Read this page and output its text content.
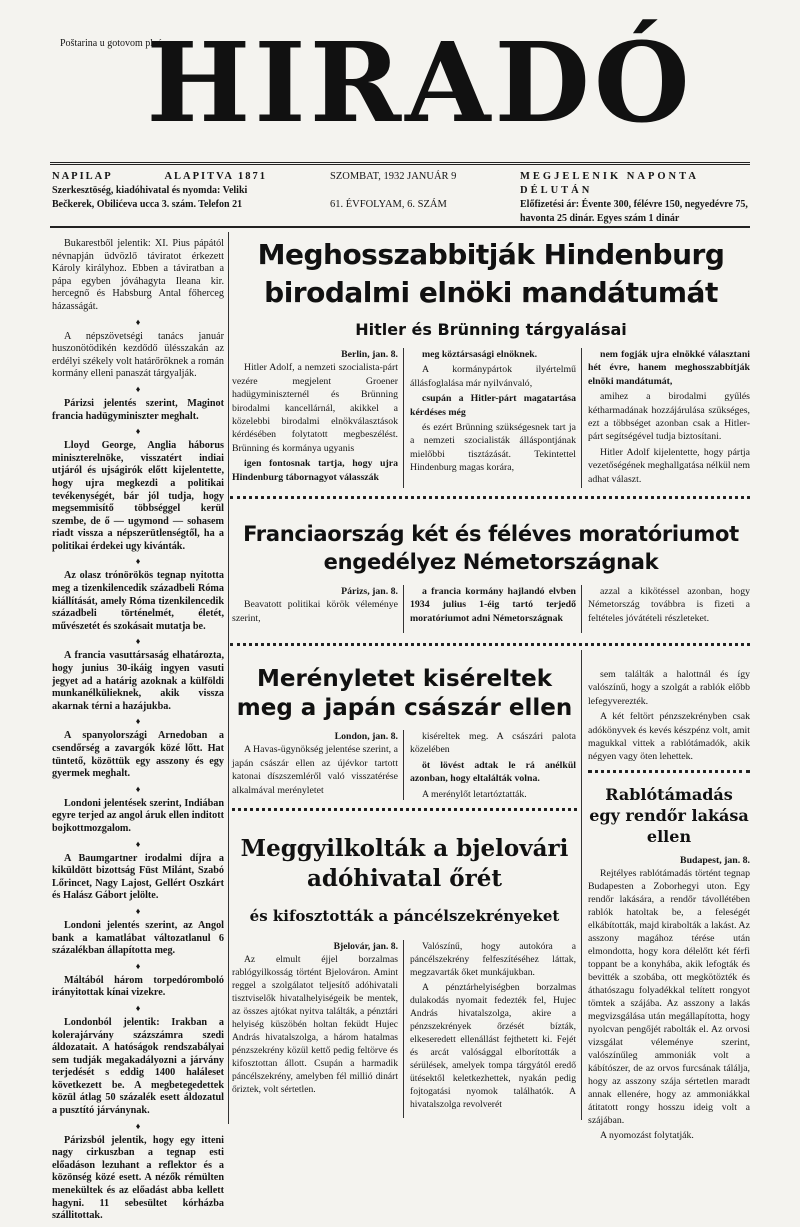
Poštarina u gotovom plaćena.
HIRADÓ
NAPILAP	ALAPITVA 1871
Szerkesztöség, kiadóhivatal és nyomda: Veliki Bečkerek, Obilićeva ucca 3. szám. Telefon 21
SZOMBAT, 1932 JANUÁR 9
61. ÉVFOLYAM, 6. SZÁM
MEGJELENIK NAPONTA DÉLUTÁN
Előfizetési ár: Évente 300, félévre 150, negyedévre 75, havonta 25 dinár. Egyes szám 1 dinár

Bukarestből jelentik: XI. Pius pápától névnapján üdvözlő táviratot érkezett Károly királyhoz. Ebben a táviratban a pápa egyben jóváhagyta Ileana kir. hercegnő és Habsburg Antal főherceg házasságát.

♦

A népszövetségi tanács január huszonötödikén kezdődő ülésszakán az erdélyi székely volt határőröknek a román kormány elleni panaszát tárgyalják.

♦

Párizsi jelentés szerint, Maginot francia hadügyminiszter meghalt.

♦

Lloyd George, Anglia háborus miniszterelnöke, visszatért indiai utjáról és ujságirók előtt kijelentette, hogy ujra megkezdi a politikai tevékenységét, bár jól tudja, hogy megsemmisítő többséggel kerül szembe, de ő — ugymond — sohasem riadt vissza a népszerütlenségtől, ha a politikai érdekei ugy kivánták.

♦

Az olasz trónörökös tegnap nyitotta meg a tizenkilencedik századbeli Róma kiállítását, amely Róma tizenkilencedik századbeli történelmét, életét, művészetét és szokásait mutatja be.

♦

A francia vasuttársaság elhatározta, hogy junius 30-ikáig ingyen vasuti jegyet ad a határig azoknak a külföldi munkanélkülieknek, akik vissza akarnak térni a hazájukba.

♦

A spanyolországi Arnedoban a csendőrség a zavargók közé lőtt. Hat tüntető, közöttük egy asszony és egy gyermek meghalt.

♦

Londoni jelentések szerint, Indiában egyre terjed az angol áruk ellen inditott bojkottmozgalom.

♦

A Baumgartner irodalmi díjra a kiküldött bizottság Füst Milánt, Szabó Lőrincet, Nagy Lajost, Gellért Oszkárt és Halász Gábort jelölte.

♦

Londoni jelentés szerint, az Angol bank a kamatlábat változatlanul 6 százalékban állapította meg.

♦

Máltából három torpedóromboló irányitottak kínai vizekre.

♦

Londonból jelentik: Irakban a kolerajárvány százszámra szedi áldozatait. A hatóságok rendszabályai sem tudják megakadályozni a járvány terjedését s eddig 1400 haláleset következett be. A megbetegedettek közül átlag 50 százalék esett áldozatul a pusztító járványnak.

♦

Párizsból jelentik, hogy egy itteni nagy cirkuszban a tegnap esti előadáson lezuhant a reflektor és a közönség közé esett. A nézők rémülten menekültek és az előadást abba kellett hagyni. 11 sebesültet kórházba szállitottak.

Meghosszabbitják Hindenburg birodalmi elnöki mandátumát
Hitler és Brünning tárgyalásai
Berlin, jan. 8.

Hitler Adolf, a nemzeti szocialista-párt vezére megjelent Groener hadügyminiszternél és Brünning birodalmi kancellárnál, akikkel a közelebbi birodalmi elnökválasztások kérdésében folytatott megbeszélést. Brünning és kormánya ugyanis

igen fontosnak tartja, hogy ujra Hindenburg tábornagyot válasszák

meg köztársasági elnöknek.

A kormánypártok ilyértelmű állásfoglalása már nyilvánvaló,

csupán a Hitler-párt magatartása kérdéses még

és ezért Brünning szükségesnek tart ja a nemzeti szocialisták álláspontjának mielőbbi tisztázását. Tekintettel Hindenburg magas korára,

nem fogják ujra elnökké választani hét évre, hanem meghosszabbítják elnöki mandátumát,

amihez a birodalmi gyűlés kétharmadának hozzájárulása szükséges, ezt a többséget azonban csak a Hitler-párt segítségével tudja biztosítani.

Hitler Adolf kijelentette, hogy pártja vezetőségének meghallgatása nélkül nem adhat választ.

Franciaország két és féléves moratóriumot engedélyez Németországnak
Párizs, jan. 8.

Beavatott politikai körök véleménye szerint,

a francia kormány hajlandó elvben 1934 julius 1-éig tartó terjedő moratóriumot adni Németországnak

azzal a kikötéssel azonban, hogy Németország továbbra is fizeti a feltételes jóvátételi részleteket.

Merényletet kiséreltek meg a japán császár ellen
London, jan. 8.

A Havas-ügynökség jelentése szerint, a japán császár ellen az újévkor tartott katonai díszszemléről való visszatérése alkalmával merényletet

kiséreltek meg. A császári palota közelében

öt lövést adtak le rá anélkül azonban, hogy eltalálták volna.

A merénylőt letartóztatták.

sem találták a halottnál és így valószínű, hogy a szolgát a rablók előbb lefegyverezték.

A két feltört pénzszekrényben csak adókönyvek és kevés készpénz volt, amit magukkal vittek a rablótámadók, akik négyen vagy öten lehettek.

Rablótámadás egy rendőr lakása ellen
Budapest, jan. 8.

Rejtélyes rablótámadás történt tegnap Budapesten a Zoborhegyi uton. Egy rendőr lakására, a rendőr távollétében rablók hatoltak be, a feleségét elkábították, majd kirabolták a lakást. Az asszony magához térése után elmondotta, hogy kora délelőtt két férfi toppant be a konyhába, akik lefogták és bevitték a szobába, ott megkötözték és áthatószagu folyadékkal telített rongyot tömtek a szájába. Az asszony a lakás megvizsgálása után megállapította, hogy nyolcvan pengőjét rabolták el. Az orvosi vizsgálat véleménye szerint, valószínűleg ammoniák volt a kábítószer, de az orvos furcsának tálálja, hogy az asszony szája sértetlen maradt annak ellenére, hogy az ammoniákkal átitatott rongy hosszu ideig volt a szájában.

A nyomozást folytatják.

Meggyilkolták a bjelovári adóhivatal őrét
és kifosztották a páncélszekrényeket
Bjelovár, jan. 8.

Az elmult éjjel borzalmas rablógyilkosság történt Bjelováron. Amint reggel a szolgálatot teljesítő adóhivatali tisztviselők hivatalhelyiségeik be mentek, az összes ajtókat nyitva találták, a pénztári helyiség küszöbén holtan feküdt Hujec András hivatalszolga, a három hatalmas pénzszekrény közül kettő pedig feltörve és kifosztottan állott. Csupán a harmadik páncélszekrény, amelyben fél millió dinárt őriztek, volt sértetlen.

Valószínű, hogy autokóra a páncélszekrény felfeszítéséhez láttak, megzavarták őket munkájukban.

A pénztárhelyiségben borzalmas dulakodás nyomait fedezték fel, Hujec András hivatalszolga, akire a pénzszekrények őrzését bízták, elkeseredett ellenállást fejthetett ki. Fejét és arcát valósággal elborították a sérülések, amelyek tompa tárgyától eredő ütésektől keletkezhettek, nyakán pedig fojtogatási nyomok találhatók. A hivatalszolga revolverét
